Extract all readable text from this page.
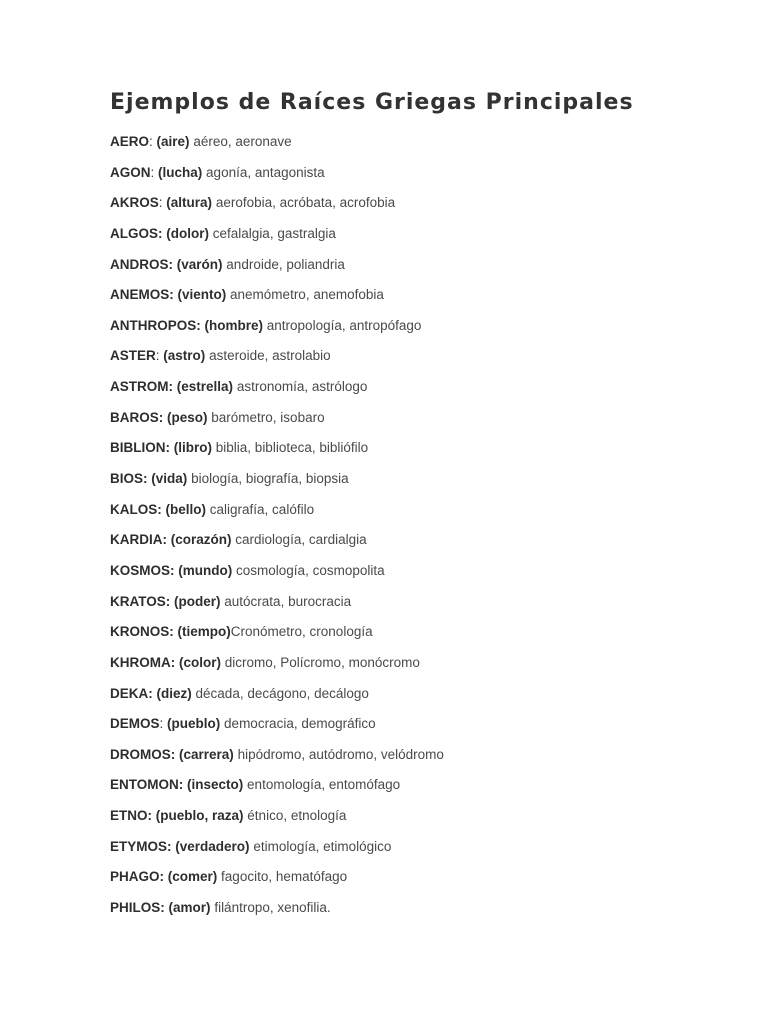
Ejemplos de Raíces Griegas Principales
AERO: (aire) aéreo, aeronave
AGON: (lucha) agonía, antagonista
AKROS: (altura) aerofobia, acróbata, acrofobia
ALGOS: (dolor) cefalalgia, gastralgia
ANDROS: (varón) androide, poliandria
ANEMOS: (viento) anemómetro, anemofobia
ANTHROPOS: (hombre) antropología, antropófago
ASTER: (astro) asteroide, astrolabio
ASTROM: (estrella) astronomía, astrólogo
BAROS: (peso) barómetro, isobaro
BIBLION: (libro) biblia, biblioteca, bibliófilo
BIOS: (vida) biología, biografía, biopsia
KALOS: (bello) caligrafía, calófilo
KARDIA: (corazón) cardiología, cardialgia
KOSMOS: (mundo) cosmología, cosmopolita
KRATOS: (poder) autócrata, burocracia
KRONOS: (tiempo)Cronómetro, cronología
KHROMA: (color) dicromo, Polícromo, monócromo
DEKA: (diez) década, decágono, decálogo
DEMOS: (pueblo) democracia, demográfico
DROMOS: (carrera) hipódromo, autódromo, velódromo
ENTOMON: (insecto) entomología, entomófago
ETNO: (pueblo, raza) étnico, etnología
ETYMOS: (verdadero) etimología, etimológico
PHAGO: (comer) fagocito, hematófago
PHILOS: (amor) filántropo, xenofilia.
